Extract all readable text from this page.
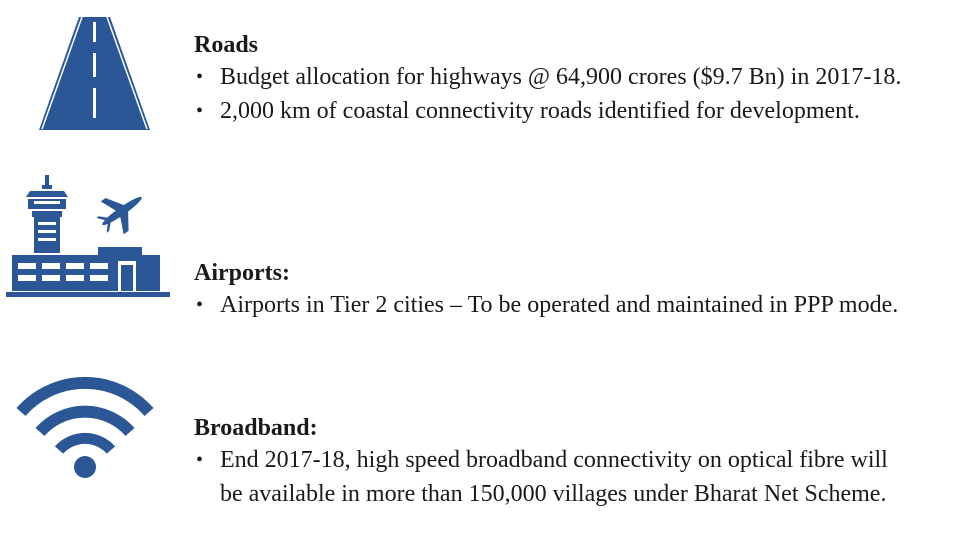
Roads
• Budget allocation for highways @ 64,900 crores ($9.7 Bn) in 2017-18.
• 2,000 km of coastal connectivity roads identified for development.
Airports:
• Airports in Tier 2 cities – To be operated and maintained in PPP mode.
Broadband:
• End 2017-18, high speed broadband connectivity on optical fibre will be available in more than 150,000 villages under Bharat Net Scheme.
